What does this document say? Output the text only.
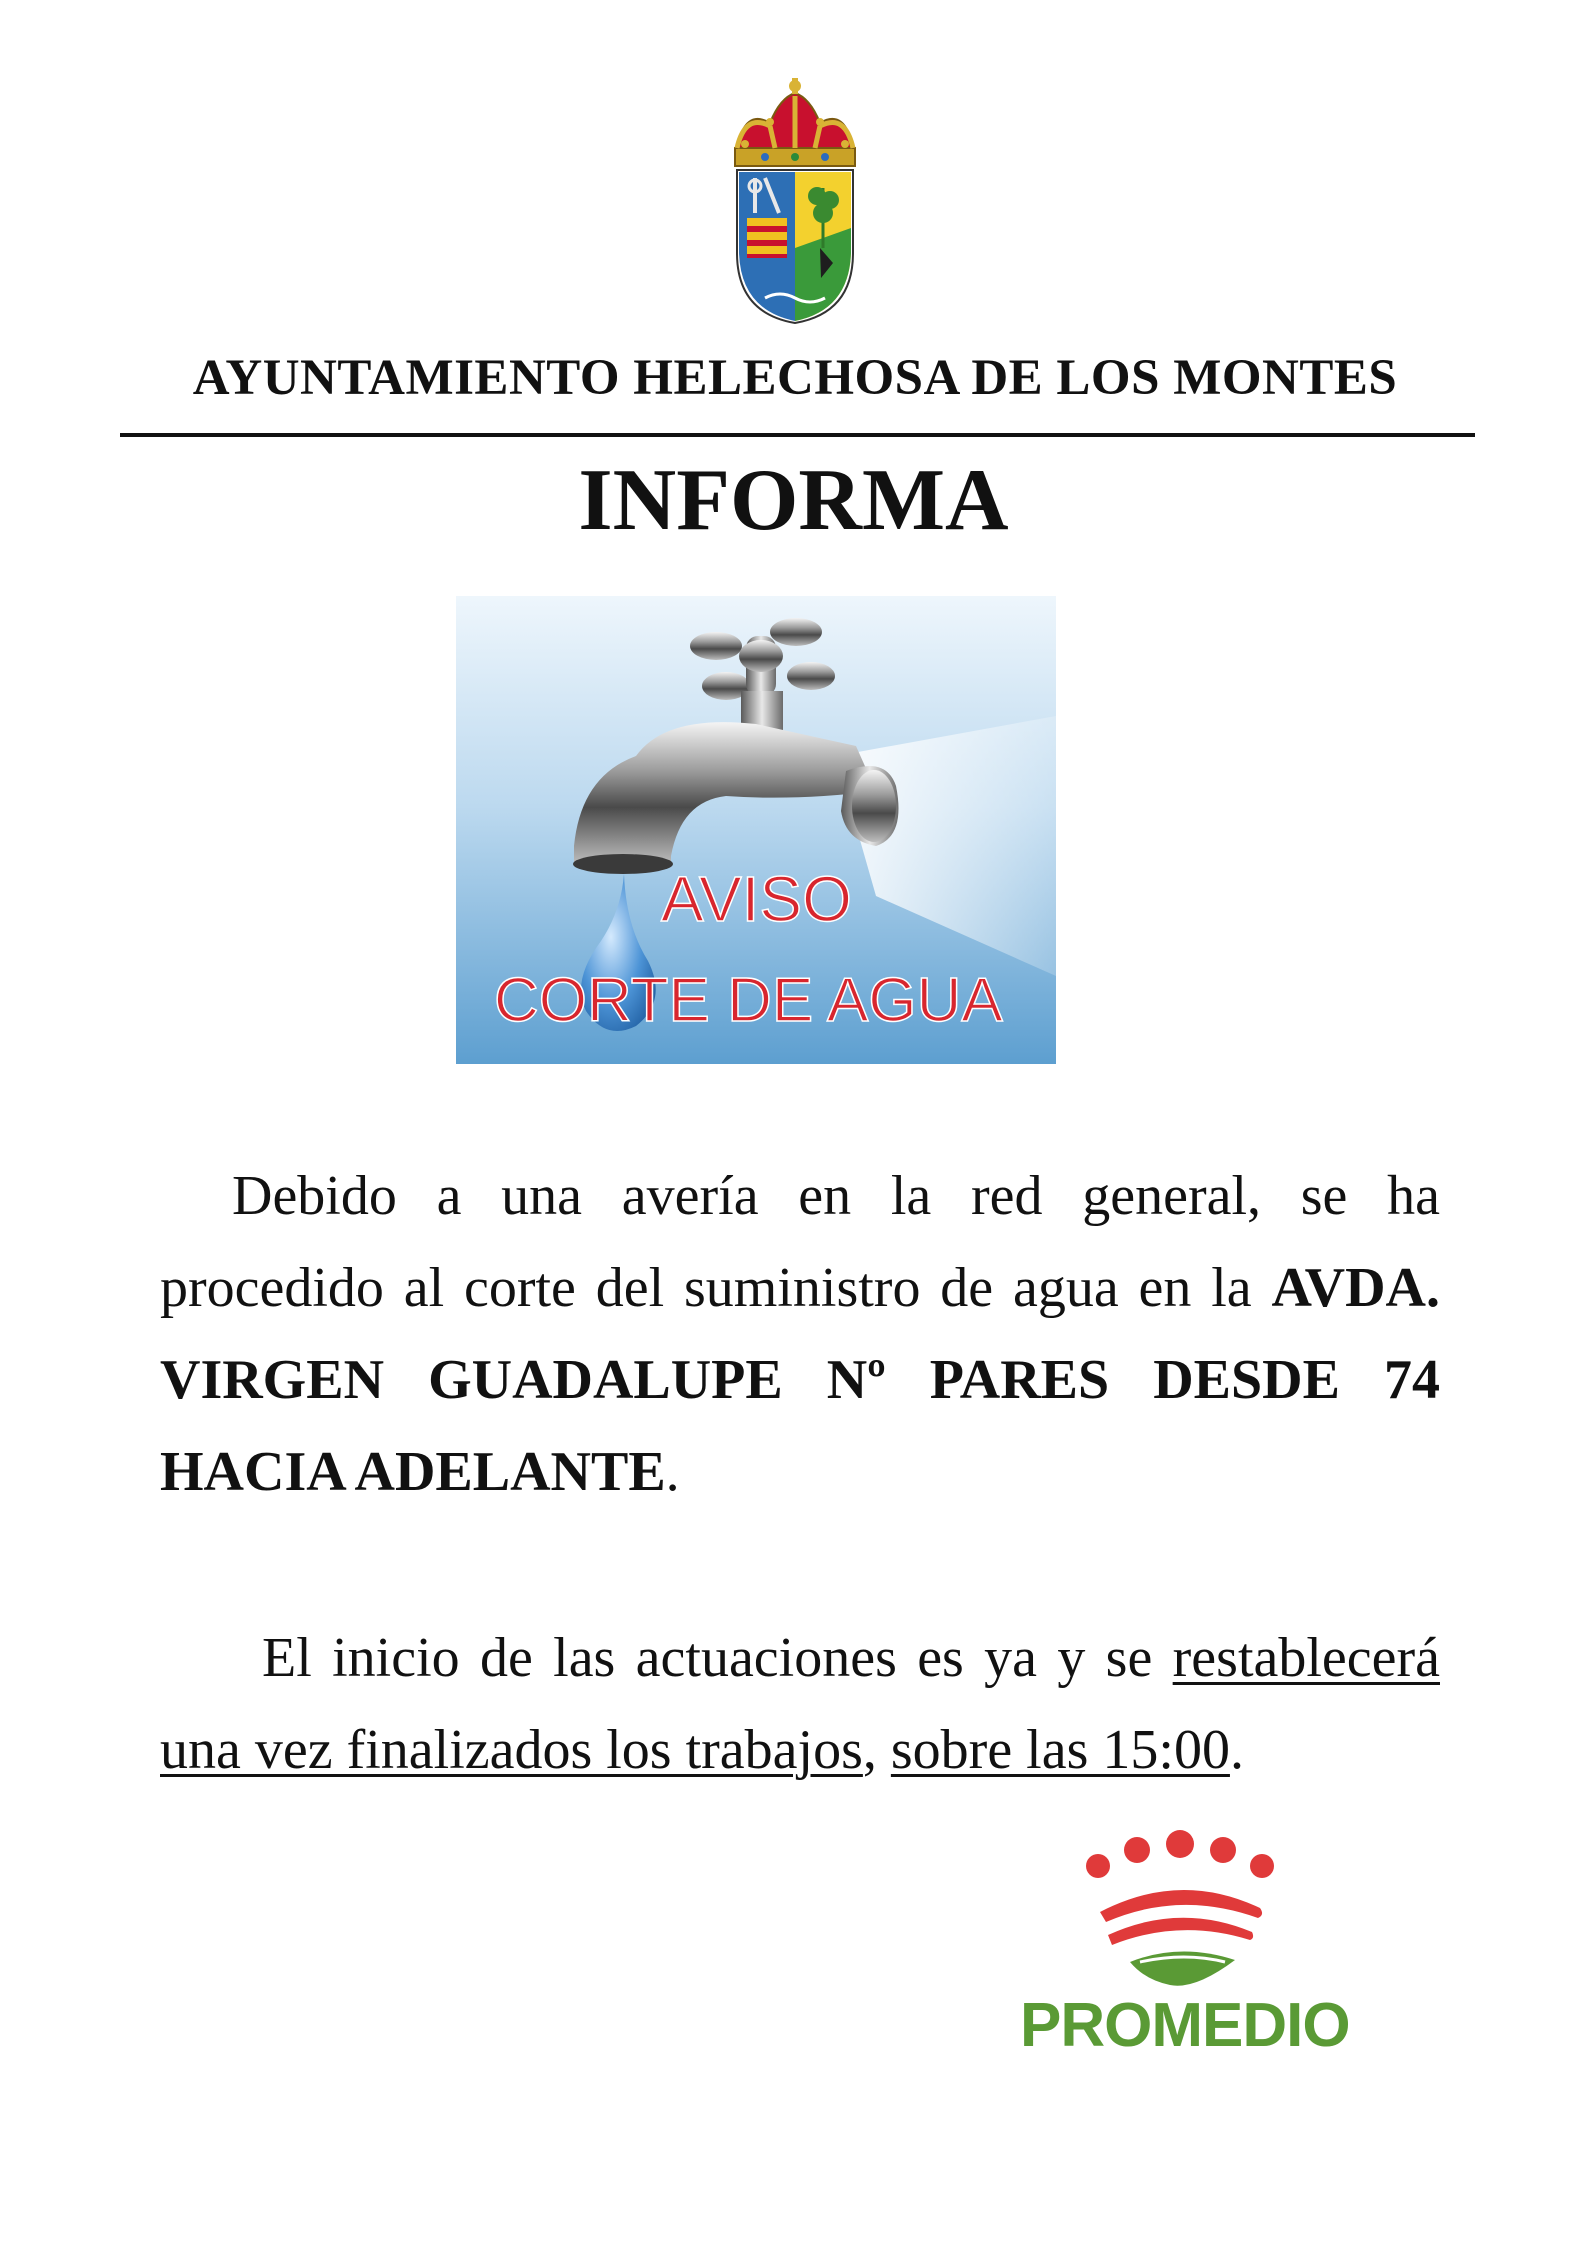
AYUNTAMIENTO HELECHOSA DE LOS MONTES
INFORMA
AVISO
CORTE DE AGUA
Debido a una avería en la red general, se ha procedido al corte del suministro de agua en la AVDA. VIRGEN GUADALUPE Nº PARES DESDE 74 HACIA ADELANTE.
El inicio de las actuaciones es ya y se restablecerá una vez finalizados los trabajos, sobre las 15:00.
PROMEDIO
